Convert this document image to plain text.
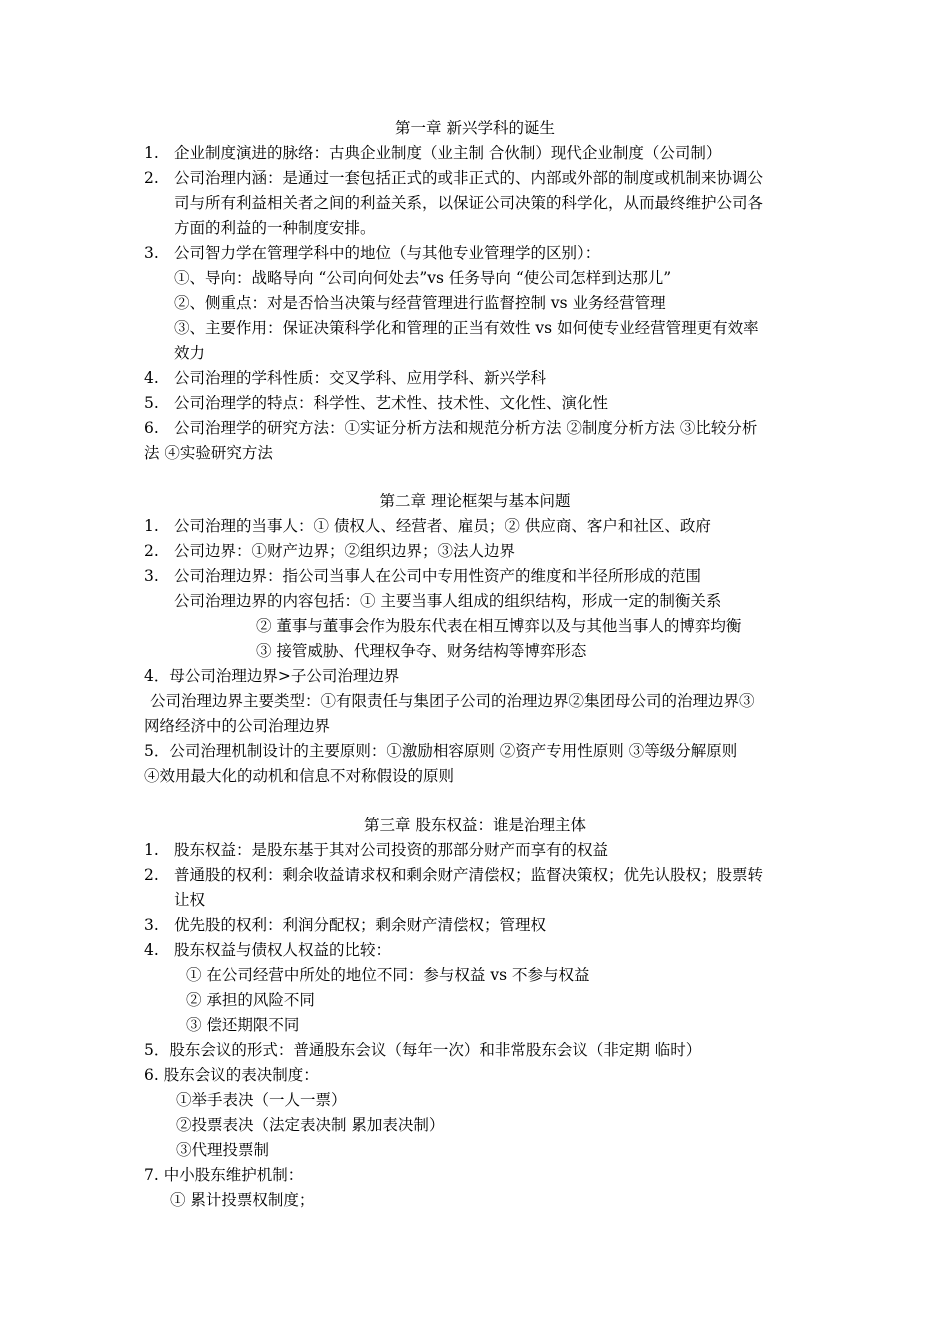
第一章 新兴学科的诞生
1. 企业制度演进的脉络：古典企业制度（业主制 合伙制）现代企业制度（公司制）
2. 公司治理内涵：是通过一套包括正式的或非正式的、内部或外部的制度或机制来协调公
司与所有利益相关者之间的利益关系，以保证公司决策的科学化，从而最终维护公司各
方面的利益的一种制度安排。
3. 公司智力学在管理学科中的地位（与其他专业管理学的区别）：
①、导向：战略导向 “公司向何处去”vs 任务导向 “使公司怎样到达那儿”
②、侧重点：对是否恰当决策与经营管理进行监督控制 vs 业务经营管理
③、主要作用：保证决策科学化和管理的正当有效性 vs 如何使专业经营管理更有效率
效力
4. 公司治理的学科性质：交叉学科、应用学科、新兴学科
5. 公司治理学的特点：科学性、艺术性、技术性、文化性、演化性
6. 公司治理学的研究方法：①实证分析方法和规范分析方法 ②制度分析方法 ③比较分析
法 ④实验研究方法
第二章 理论框架与基本问题
1. 公司治理的当事人：① 债权人、经营者、雇员；② 供应商、客户和社区、政府
2. 公司边界：①财产边界；②组织边界；③法人边界
3. 公司治理边界：指公司当事人在公司中专用性资产的维度和半径所形成的范围
公司治理边界的内容包括：① 主要当事人组成的组织结构，形成一定的制衡关系
② 董事与董事会作为股东代表在相互博弈以及与其他当事人的博弈均衡
③ 接管威胁、代理权争夺、财务结构等博弈形态
4．母公司治理边界>子公司治理边界
公司治理边界主要类型：①有限责任与集团子公司的治理边界②集团母公司的治理边界③
网络经济中的公司治理边界
5．公司治理机制设计的主要原则：①激励相容原则 ②资产专用性原则 ③等级分解原则
④效用最大化的动机和信息不对称假设的原则
第三章 股东权益：谁是治理主体
1. 股东权益：是股东基于其对公司投资的那部分财产而享有的权益
2. 普通股的权利：剩余收益请求权和剩余财产清偿权；监督决策权；优先认股权；股票转
让权
3. 优先股的权利：利润分配权；剩余财产清偿权；管理权
4. 股东权益与债权人权益的比较：
① 在公司经营中所处的地位不同：参与权益 vs 不参与权益
② 承担的风险不同
③ 偿还期限不同
5．股东会议的形式：普通股东会议（每年一次）和非常股东会议（非定期 临时）
6. 股东会议的表决制度：
①举手表决（一人一票）
②投票表决（法定表决制 累加表决制）
③代理投票制
7. 中小股东维护机制：
① 累计投票权制度；
